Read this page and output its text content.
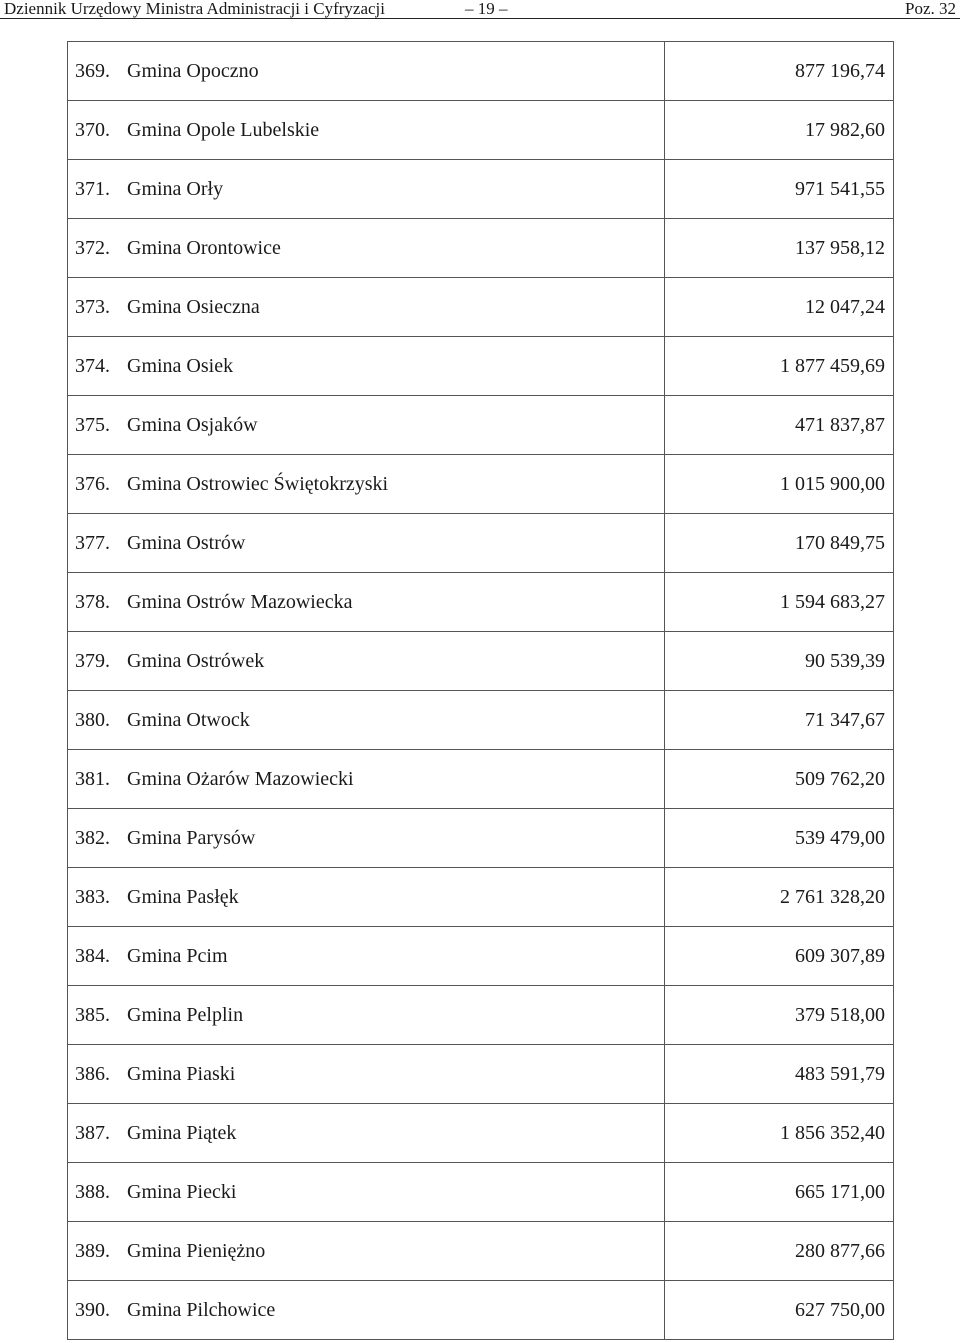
Dziennik Urzędowy Ministra Administracji i Cyfryzacji	– 19 –	Poz. 32
369.	Gmina Opoczno	877 196,74
370.	Gmina Opole Lubelskie	17 982,60
371.	Gmina Orły	971 541,55
372.	Gmina Orontowice	137 958,12
373.	Gmina Osieczna	12 047,24
374.	Gmina Osiek	1 877 459,69
375.	Gmina Osjaków	471 837,87
376.	Gmina Ostrowiec Świętokrzyski	1 015 900,00
377.	Gmina Ostrów	170 849,75
378.	Gmina Ostrów Mazowiecka	1 594 683,27
379.	Gmina Ostrówek	90 539,39
380.	Gmina Otwock	71 347,67
381.	Gmina Ożarów Mazowiecki	509 762,20
382.	Gmina Parysów	539 479,00
383.	Gmina Pasłęk	2 761 328,20
384.	Gmina Pcim	609 307,89
385.	Gmina Pelplin	379 518,00
386.	Gmina Piaski	483 591,79
387.	Gmina Piątek	1 856 352,40
388.	Gmina Piecki	665 171,00
389.	Gmina Pieniężno	280 877,66
390.	Gmina Pilchowice	627 750,00
